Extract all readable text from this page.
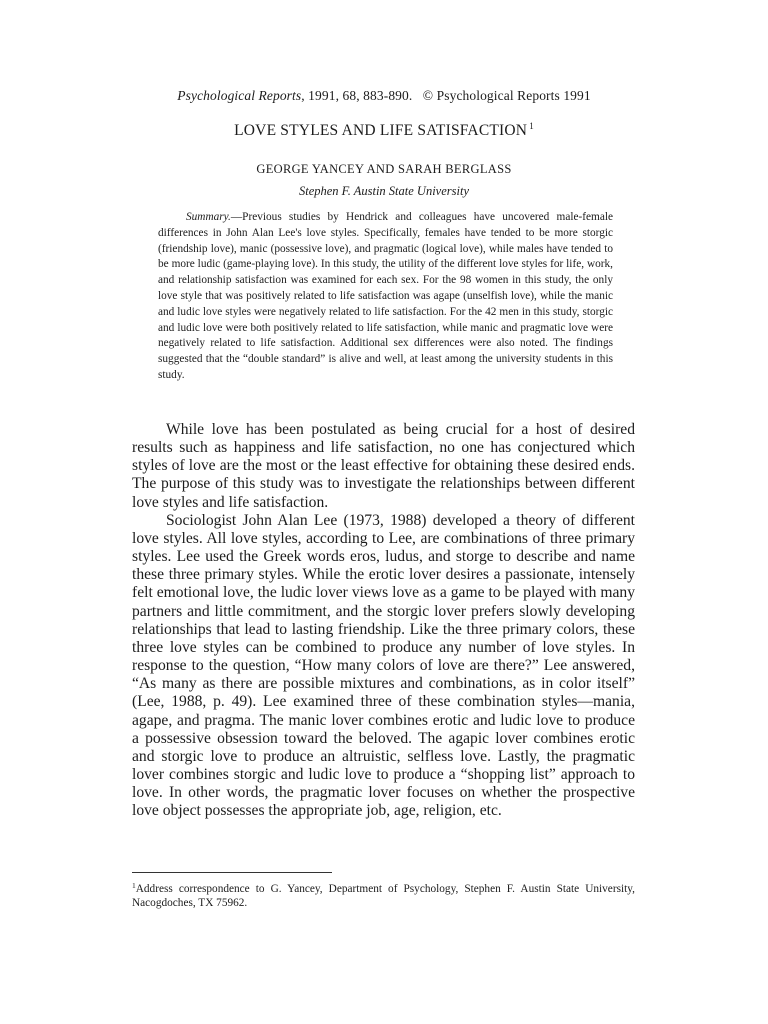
Psychological Reports, 1991, 68, 883-890. © Psychological Reports 1991
LOVE STYLES AND LIFE SATISFACTION $^1$
GEORGE YANCEY AND SARAH BERGLASS
Stephen F. Austin State University
Summary.—Previous studies by Hendrick and colleagues have uncovered male-female differences in John Alan Lee's love styles. Specifically, females have tended to be more storgic (friendship love), manic (possessive love), and pragmatic (logical love), while males have tended to be more ludic (game-playing love). In this study, the utility of the different love styles for life, work, and relationship satisfaction was examined for each sex. For the 98 women in this study, the only love style that was positively related to life satisfaction was agape (unselfish love), while the manic and ludic love styles were negatively related to life satisfaction. For the 42 men in this study, storgic and ludic love were both positively related to life satisfaction, while manic and pragmatic love were negatively related to life satisfaction. Additional sex differences were also noted. The findings suggested that the “double standard” is alive and well, at least among the university students in this study.

While love has been postulated as being crucial for a host of desired results such as happiness and life satisfaction, no one has conjectured which styles of love are the most or the least effective for obtaining these desired ends. The purpose of this study was to investigate the relationships between different love styles and life satisfaction.

Sociologist John Alan Lee (1973, 1988) developed a theory of different love styles. All love styles, according to Lee, are combinations of three primary styles. Lee used the Greek words eros, ludus, and storge to describe and name these three primary styles. While the erotic lover desires a passionate, intensely felt emotional love, the ludic lover views love as a game to be played with many partners and little commitment, and the storgic lover prefers slowly developing relationships that lead to lasting friendship. Like the three primary colors, these three love styles can be combined to produce any number of love styles. In response to the question, “How many colors of love are there?” Lee answered, “As many as there are possible mixtures and combinations, as in color itself” (Lee, 1988, p. 49). Lee examined three of these combination styles—mania, agape, and pragma. The manic lover combines erotic and ludic love to produce a possessive obsession toward the beloved. The agapic lover combines erotic and storgic love to produce an altruistic, selfless love. Lastly, the pragmatic lover combines storgic and ludic love to produce a “shopping list” approach to love. In other words, the pragmatic lover focuses on whether the prospective love object possesses the appropriate job, age, religion, etc.

$^1$Address correspondence to G. Yancey, Department of Psychology, Stephen F. Austin State University, Nacogdoches, TX 75962.
